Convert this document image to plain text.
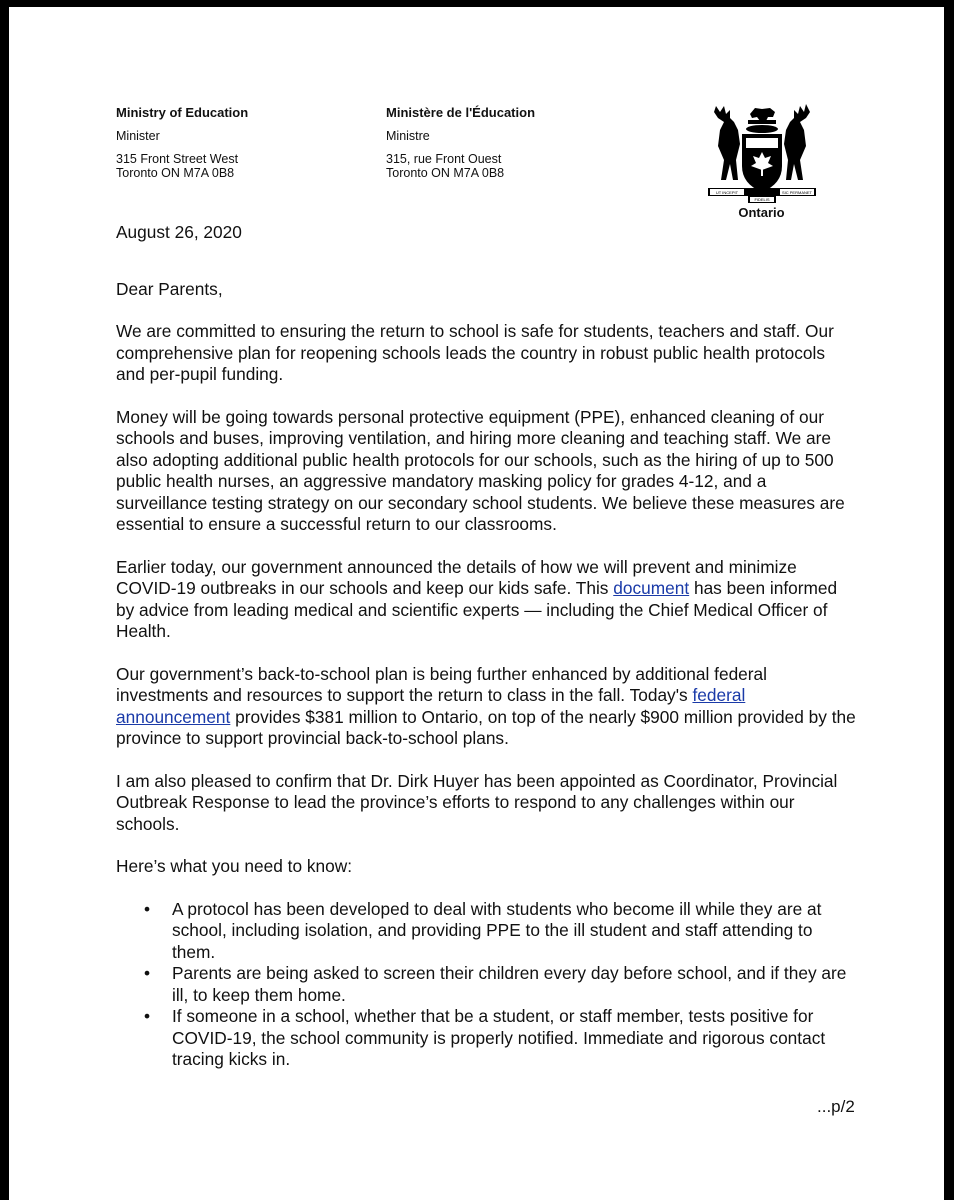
Ministry of Education
Minister
315 Front Street West
Toronto ON M7A 0B8
Ministère de l'Éducation
Ministre
315, rue Front Ouest
Toronto ON M7A 0B8
UT INCEPIT	SIC PERMANET
FIDELIS
Ontario

August 26, 2020

Dear Parents,

We are committed to ensuring the return to school is safe for students, teachers and staff. Our comprehensive plan for reopening schools leads the country in robust public health protocols and per-pupil funding.

Money will be going towards personal protective equipment (PPE), enhanced cleaning of our schools and buses, improving ventilation, and hiring more cleaning and teaching staff. We are also adopting additional public health protocols for our schools, such as the hiring of up to 500 public health nurses, an aggressive mandatory masking policy for grades 4-12, and a surveillance testing strategy on our secondary school students. We believe these measures are essential to ensure a successful return to our classrooms.

Earlier today, our government announced the details of how we will prevent and minimize COVID-19 outbreaks in our schools and keep our kids safe. This document has been informed by advice from leading medical and scientific experts — including the Chief Medical Officer of Health.

Our government’s back-to-school plan is being further enhanced by additional federal investments and resources to support the return to class in the fall. Today's federal announcement provides $381 million to Ontario, on top of the nearly $900 million provided by the province to support provincial back-to-school plans.

I am also pleased to confirm that Dr. Dirk Huyer has been appointed as Coordinator, Provincial Outbreak Response to lead the province’s efforts to respond to any challenges within our schools.

Here’s what you need to know:

• A protocol has been developed to deal with students who become ill while they are at school, including isolation, and providing PPE to the ill student and staff attending to them.
• Parents are being asked to screen their children every day before school, and if they are ill, to keep them home.
• If someone in a school, whether that be a student, or staff member, tests positive for COVID-19, the school community is properly notified. Immediate and rigorous contact tracing kicks in.
...p/2
